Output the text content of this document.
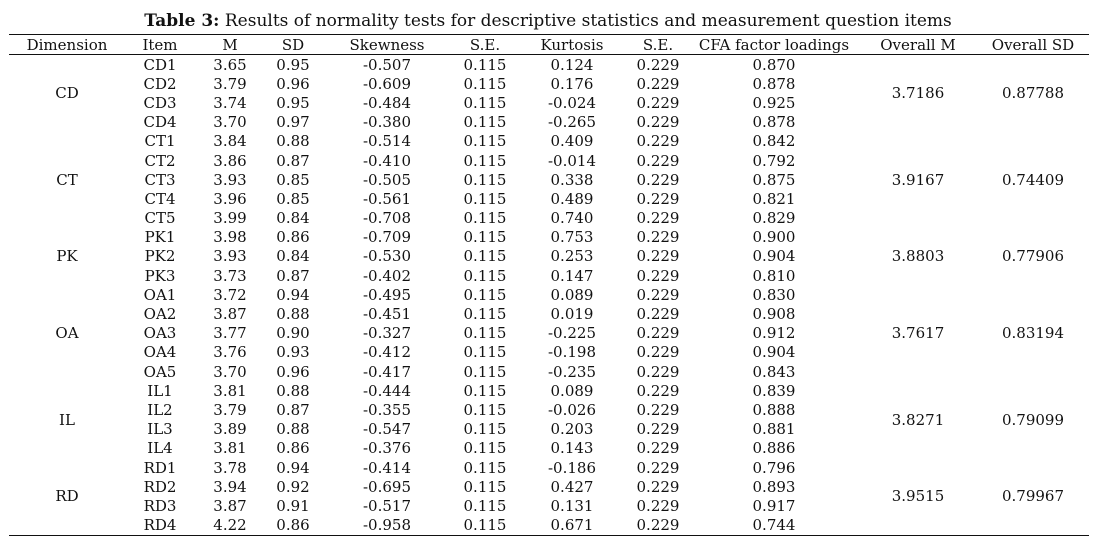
Table 3: Results of normality tests for descriptive statistics and measurement question items
Dimension	Item	M	SD	Skewness	S.E.	Kurtosis	S.E.	CFA factor loadings	Overall M	Overall SD
CD	CD1	3.65	0.95	-0.507	0.115	0.124	0.229	0.870	3.7186	0.87788
	CD2	3.79	0.96	-0.609	0.115	0.176	0.229	0.878		
	CD3	3.74	0.95	-0.484	0.115	-0.024	0.229	0.925		
	CD4	3.70	0.97	-0.380	0.115	-0.265	0.229	0.878		
CT	CT1	3.84	0.88	-0.514	0.115	0.409	0.229	0.842	3.9167	0.74409
	CT2	3.86	0.87	-0.410	0.115	-0.014	0.229	0.792		
	CT3	3.93	0.85	-0.505	0.115	0.338	0.229	0.875		
	CT4	3.96	0.85	-0.561	0.115	0.489	0.229	0.821		
	CT5	3.99	0.84	-0.708	0.115	0.740	0.229	0.829		
PK	PK1	3.98	0.86	-0.709	0.115	0.753	0.229	0.900	3.8803	0.77906
	PK2	3.93	0.84	-0.530	0.115	0.253	0.229	0.904		
	PK3	3.73	0.87	-0.402	0.115	0.147	0.229	0.810		
OA	OA1	3.72	0.94	-0.495	0.115	0.089	0.229	0.830	3.7617	0.83194
	OA2	3.87	0.88	-0.451	0.115	0.019	0.229	0.908		
	OA3	3.77	0.90	-0.327	0.115	-0.225	0.229	0.912		
	OA4	3.76	0.93	-0.412	0.115	-0.198	0.229	0.904		
	OA5	3.70	0.96	-0.417	0.115	-0.235	0.229	0.843		
IL	IL1	3.81	0.88	-0.444	0.115	0.089	0.229	0.839	3.8271	0.79099
	IL2	3.79	0.87	-0.355	0.115	-0.026	0.229	0.888		
	IL3	3.89	0.88	-0.547	0.115	0.203	0.229	0.881		
	IL4	3.81	0.86	-0.376	0.115	0.143	0.229	0.886		
RD	RD1	3.78	0.94	-0.414	0.115	-0.186	0.229	0.796	3.9515	0.79967
	RD2	3.94	0.92	-0.695	0.115	0.427	0.229	0.893		
	RD3	3.87	0.91	-0.517	0.115	0.131	0.229	0.917		
	RD4	4.22	0.86	-0.958	0.115	0.671	0.229	0.744		
